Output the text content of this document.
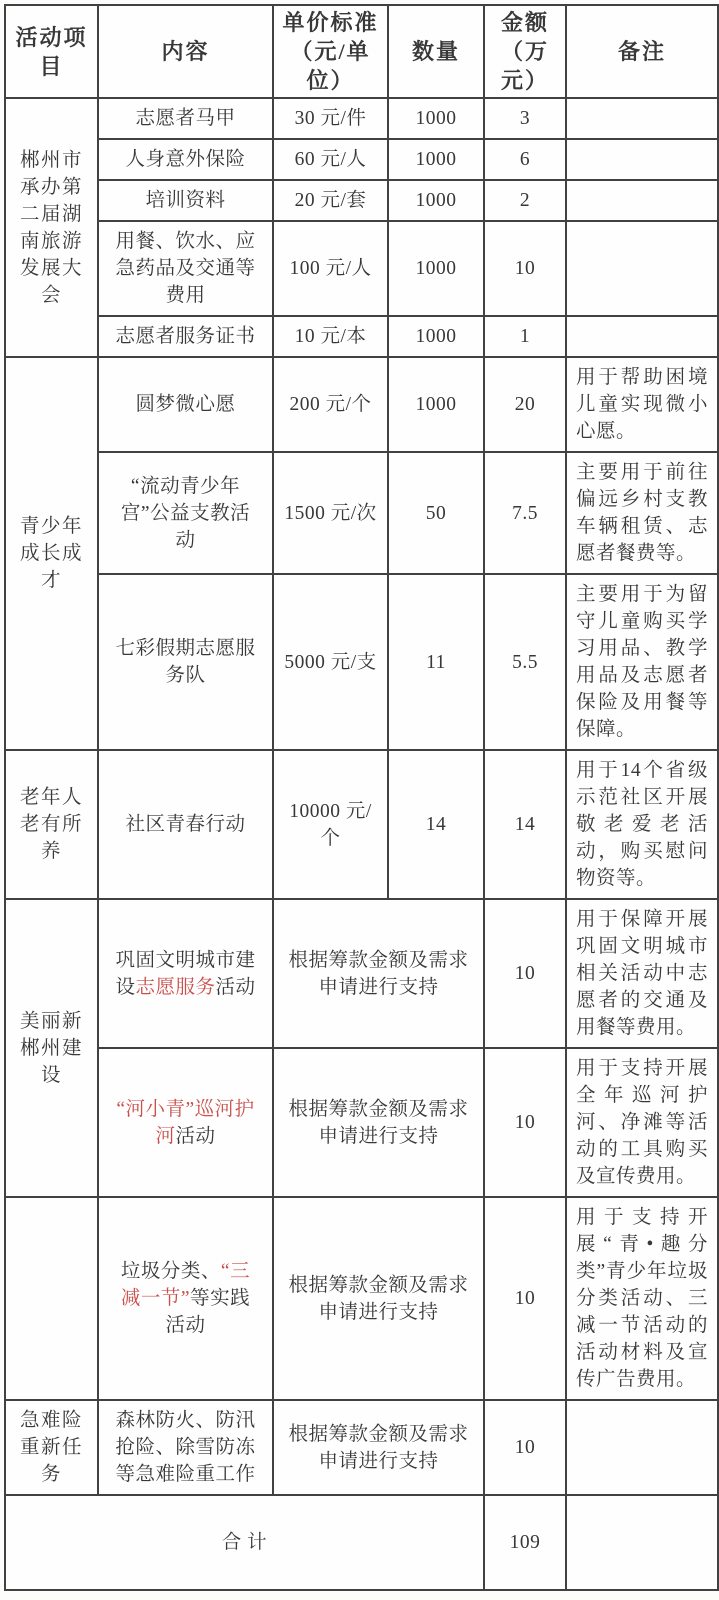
活动项目	内容	单价标准（元/单位）	数量	金额（万元）	备注
郴州市承办第二届湖南旅游发展大会	志愿者马甲	30 元/件	1000	3	
	人身意外保险	60 元/人	1000	6	
	培训资料	20 元/套	1000	2	
	用餐、饮水、应急药品及交通等费用	100 元/人	1000	10	
	志愿者服务证书	10 元/本	1000	1	
青少年成长成才	圆梦微心愿	200 元/个	1000	20	用于帮助困境儿童实现微小心愿。
	“流动青少年宫”公益支教活动	1500 元/次	50	7.5	主要用于前往偏远乡村支教车辆租赁、志愿者餐费等。
	七彩假期志愿服务队	5000 元/支	11	5.5	主要用于为留守儿童购买学习用品、教学用品及志愿者保险及用餐等保障。
老年人老有所养	社区青春行动	10000 元/个	14	14	用于14个省级示范社区开展敬老爱老活动，购买慰问物资等。
美丽新郴州建设	巩固文明城市建设志愿服务活动	根据筹款金额及需求申请进行支持		10	用于保障开展巩固文明城市相关活动中志愿者的交通及用餐等费用。
	“河小青”巡河护河活动	根据筹款金额及需求申请进行支持		10	用于支持开展全年巡河护河、净滩等活动的工具购买及宣传费用。
	垃圾分类、“三减一节”等实践活动	根据筹款金额及需求申请进行支持		10	用于支持开展“青•趣分类”青少年垃圾分类活动、三减一节活动的活动材料及宣传广告费用。
急难险重新任务	森林防火、防汛抢险、除雪防冻等急难险重工作	根据筹款金额及需求申请进行支持		10	
合 计				109	
